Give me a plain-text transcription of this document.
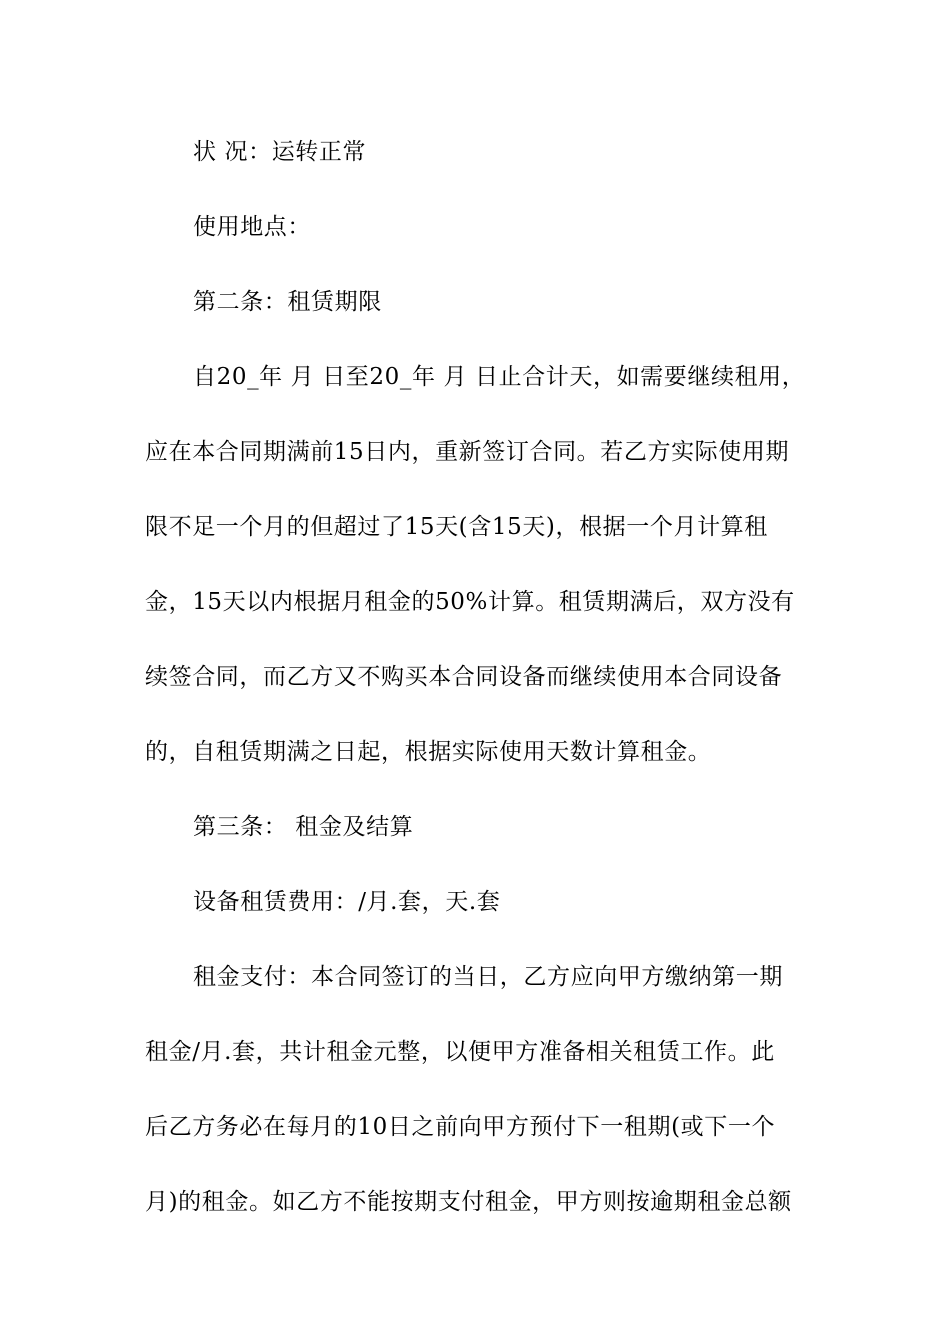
状 况：运转正常
使用地点：
第二条：租赁期限
自20_年 月 日至20_年 月 日止合计天，如需要继续租用，
应在本合同期满前15日内，重新签订合同。若乙方实际使用期
限不足一个月的但超过了15天(含15天)，根据一个月计算租
金，15天以内根据月租金的50%计算。租赁期满后，双方没有
续签合同，而乙方又不购买本合同设备而继续使用本合同设备
的，自租赁期满之日起，根据实际使用天数计算租金。
第三条： 租金及结算
设备租赁费用：/月.套，天.套
租金支付：本合同签订的当日，乙方应向甲方缴纳第一期
租金/月.套，共计租金元整，以便甲方准备相关租赁工作。此
后乙方务必在每月的10日之前向甲方预付下一租期(或下一个
月)的租金。如乙方不能按期支付租金，甲方则按逾期租金总额
